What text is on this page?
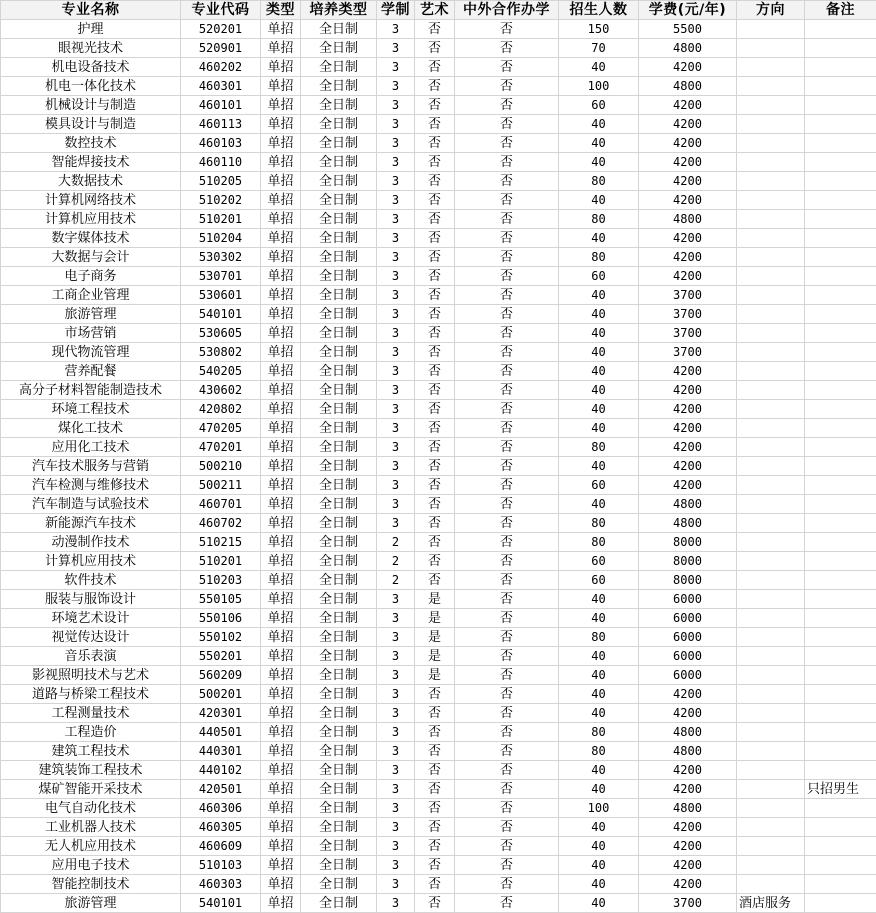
专业名称	专业代码	类型	培养类型	学制	艺术	中外合作办学	招生人数	学费(元/年)	方向	备注
护理	520201	单招	全日制	3	否	否	150	5500		
眼视光技术	520901	单招	全日制	3	否	否	70	4800		
机电设备技术	460202	单招	全日制	3	否	否	40	4200		
机电一体化技术	460301	单招	全日制	3	否	否	100	4800		
机械设计与制造	460101	单招	全日制	3	否	否	60	4200		
模具设计与制造	460113	单招	全日制	3	否	否	40	4200		
数控技术	460103	单招	全日制	3	否	否	40	4200		
智能焊接技术	460110	单招	全日制	3	否	否	40	4200		
大数据技术	510205	单招	全日制	3	否	否	80	4200		
计算机网络技术	510202	单招	全日制	3	否	否	40	4200		
计算机应用技术	510201	单招	全日制	3	否	否	80	4800		
数字媒体技术	510204	单招	全日制	3	否	否	40	4200		
大数据与会计	530302	单招	全日制	3	否	否	80	4200		
电子商务	530701	单招	全日制	3	否	否	60	4200		
工商企业管理	530601	单招	全日制	3	否	否	40	3700		
旅游管理	540101	单招	全日制	3	否	否	40	3700		
市场营销	530605	单招	全日制	3	否	否	40	3700		
现代物流管理	530802	单招	全日制	3	否	否	40	3700		
营养配餐	540205	单招	全日制	3	否	否	40	4200		
高分子材料智能制造技术	430602	单招	全日制	3	否	否	40	4200		
环境工程技术	420802	单招	全日制	3	否	否	40	4200		
煤化工技术	470205	单招	全日制	3	否	否	40	4200		
应用化工技术	470201	单招	全日制	3	否	否	80	4200		
汽车技术服务与营销	500210	单招	全日制	3	否	否	40	4200		
汽车检测与维修技术	500211	单招	全日制	3	否	否	60	4200		
汽车制造与试验技术	460701	单招	全日制	3	否	否	40	4800		
新能源汽车技术	460702	单招	全日制	3	否	否	80	4800		
动漫制作技术	510215	单招	全日制	2	否	否	80	8000		
计算机应用技术	510201	单招	全日制	2	否	否	60	8000		
软件技术	510203	单招	全日制	2	否	否	60	8000		
服装与服饰设计	550105	单招	全日制	3	是	否	40	6000		
环境艺术设计	550106	单招	全日制	3	是	否	40	6000		
视觉传达设计	550102	单招	全日制	3	是	否	80	6000		
音乐表演	550201	单招	全日制	3	是	否	40	6000		
影视照明技术与艺术	560209	单招	全日制	3	是	否	40	6000		
道路与桥梁工程技术	500201	单招	全日制	3	否	否	40	4200		
工程测量技术	420301	单招	全日制	3	否	否	40	4200		
工程造价	440501	单招	全日制	3	否	否	80	4800		
建筑工程技术	440301	单招	全日制	3	否	否	80	4800		
建筑装饰工程技术	440102	单招	全日制	3	否	否	40	4200		
煤矿智能开采技术	420501	单招	全日制	3	否	否	40	4200		只招男生
电气自动化技术	460306	单招	全日制	3	否	否	100	4800		
工业机器人技术	460305	单招	全日制	3	否	否	40	4200		
无人机应用技术	460609	单招	全日制	3	否	否	40	4200		
应用电子技术	510103	单招	全日制	3	否	否	40	4200		
智能控制技术	460303	单招	全日制	3	否	否	40	4200		
旅游管理	540101	单招	全日制	3	否	否	40	3700	酒店服务	
